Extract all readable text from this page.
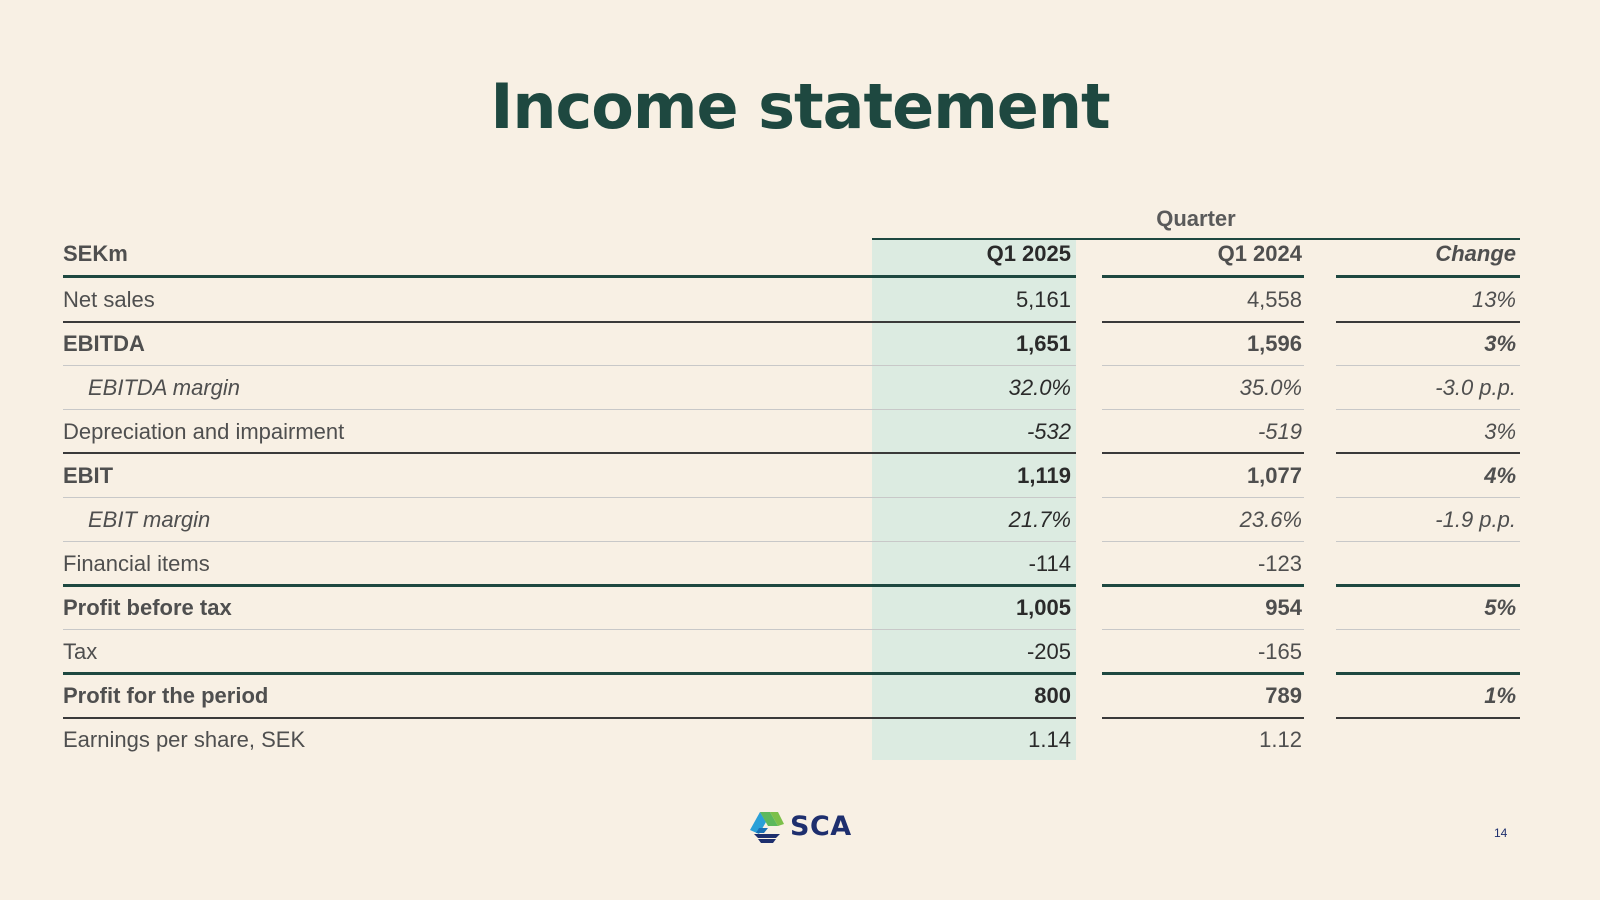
Income statement
Quarter
SEKm	Q1 2025	Q1 2024	Change
Net sales	5,161	4,558	13%
EBITDA	1,651	1,596	3%
EBITDA margin	32.0%	35.0%	-3.0 p.p.
Depreciation and impairment	-532	-519	3%
EBIT	1,119	1,077	4%
EBIT margin	21.7%	23.6%	-1.9 p.p.
Financial items	-114	-123
Profit before tax	1,005	954	5%
Tax	-205	-165
Profit for the period	800	789	1%
Earnings per share, SEK	1.14	1.12
SCA	14
